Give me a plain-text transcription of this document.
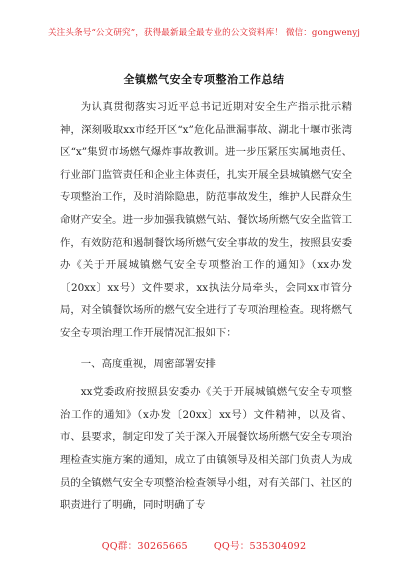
关注头条号“公文研究”，获得最新最全最专业的公文资料库！ 微信：gongwenyj
全镇燃气安全专项整治工作总结

为认真贯彻落实习近平总书记近期对安全生产指示批示精神，深刻吸取xx市经开区“x”危化品泄漏事故、湖北十堰市张湾区“x”集贸市场燃气爆炸事故教训。进一步压紧压实属地责任、行业部门监管责任和企业主体责任，扎实开展全县城镇燃气安全专项整治工作，及时消除隐患，防范事故发生，维护人民群众生命财产安全。进一步加强我镇燃气站、餐饮场所燃气安全监管工作，有效防范和遏制餐饮场所燃气安全事故的发生，按照县安委办《关于开展城镇燃气安全专项整治工作的通知》（xx办发〔20xx〕xx号）文件要求，xx执法分局牵头，会同xx市管分局，对全镇餐饮场所的燃气安全进行了专项治理检查。现将燃气安全专项治理工作开展情况汇报如下：

一、高度重视，周密部署安排

xx党委政府按照县安委办《关于开展城镇燃气安全专项整治工作的通知》（x办发〔20xx〕xx号）文件精神，以及省、市、县要求，制定印发了关于深入开展餐饮场所燃气安全专项治理检查实施方案的通知，成立了由镇领导及相关部门负责人为成员的全镇燃气安全专项整治检查领导小组，对有关部门、社区的职责进行了明确，同时明确了专

QQ群：30265665        QQ号：535304092
